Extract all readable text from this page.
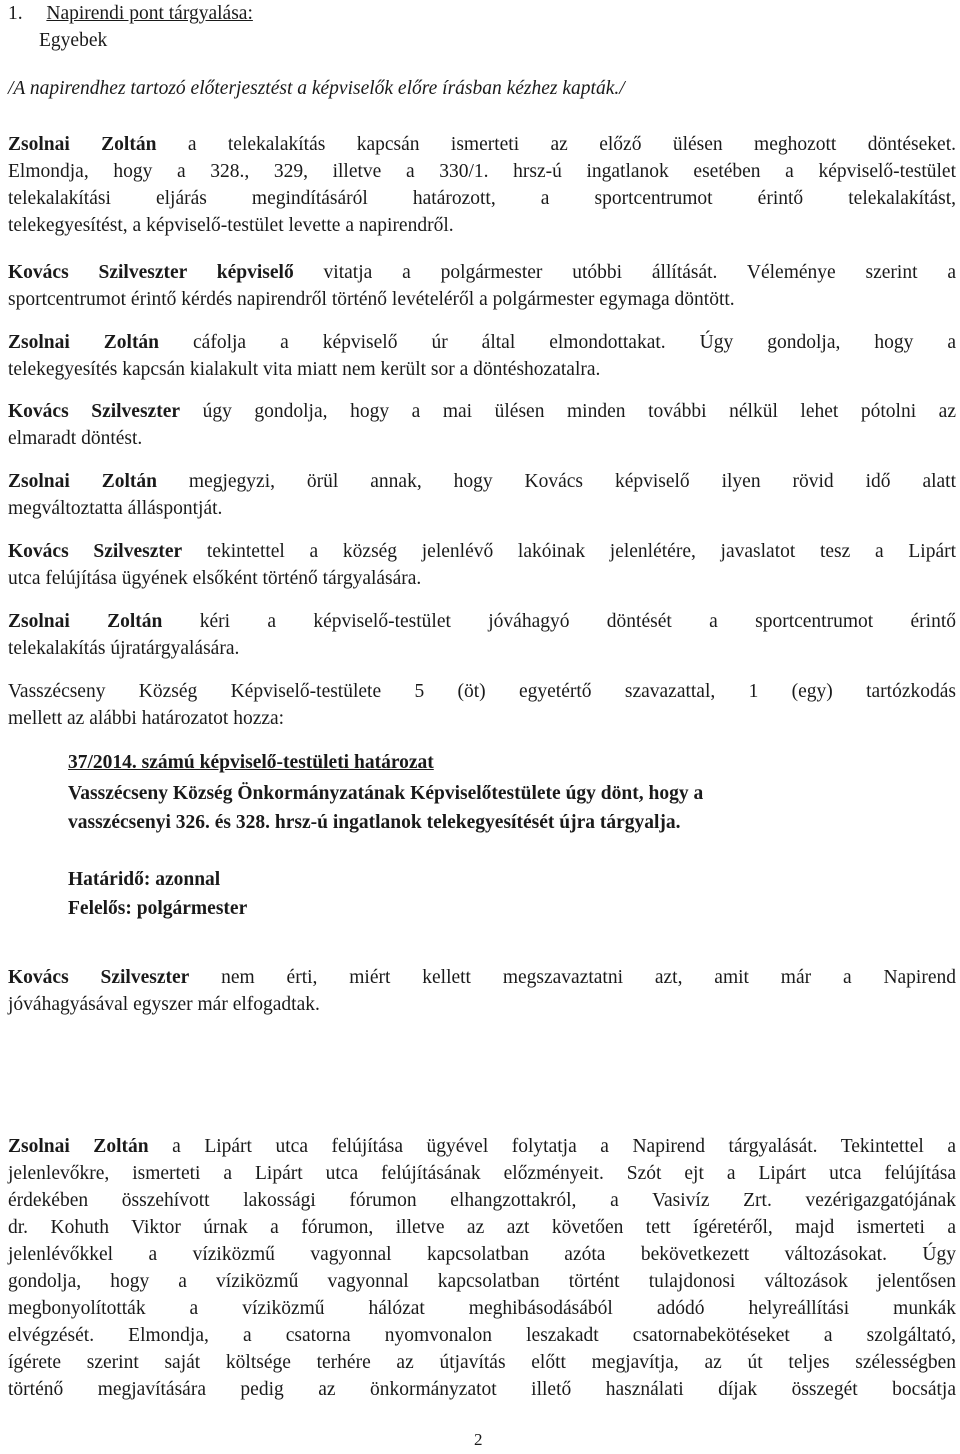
1. Napirendi pont tárgyalása:
Egyebek
/A napirendhez tartozó előterjesztést a képviselők előre írásban kézhez kapták./
Zsolnai Zoltán a telekalakítás kapcsán ismerteti az előző ülésen meghozott döntéseket.
Elmondja, hogy a 328., 329, illetve a 330/1. hrsz-ú ingatlanok esetében a képviselő-testület
telekalakítási eljárás megindításáról határozott, a sportcentrumot érintő telekalakítást,
telekegyesítést, a képviselő-testület levette a napirendről.
Kovács Szilveszter képviselő vitatja a polgármester utóbbi állítását. Véleménye szerint a
sportcentrumot érintő kérdés napirendről történő levételéről a polgármester egymaga döntött.
Zsolnai Zoltán cáfolja a képviselő úr által elmondottakat. Úgy gondolja, hogy a
telekegyesítés kapcsán kialakult vita miatt nem került sor a döntéshozatalra.
Kovács Szilveszter úgy gondolja, hogy a mai ülésen minden további nélkül lehet pótolni az
elmaradt döntést.
Zsolnai Zoltán megjegyzi, örül annak, hogy Kovács képviselő ilyen rövid idő alatt
megváltoztatta álláspontját.
Kovács Szilveszter tekintettel a község jelenlévő lakóinak jelenlétére, javaslatot tesz a Lipárt
utca felújítása ügyének elsőként történő tárgyalására.
Zsolnai Zoltán kéri a képviselő-testület jóváhagyó döntését a sportcentrumot érintő
telekalakítás újratárgyalására.
Vasszécseny Község Képviselő-testülete 5 (öt) egyetértő szavazattal, 1 (egy) tartózkodás
mellett az alábbi határozatot hozza:
37/2014. számú képviselő-testületi határozat
Vasszécseny Község Önkormányzatának Képviselőtestülete úgy dönt, hogy a
vasszécsenyi 326. és 328. hrsz-ú ingatlanok telekegyesítését újra tárgyalja.
Határidő: azonnal
Felelős: polgármester
Kovács Szilveszter nem érti, miért kellett megszavaztatni azt, amit már a Napirend
jóváhagyásával egyszer már elfogadtak.
Zsolnai Zoltán a Lipárt utca felújítása ügyével folytatja a Napirend tárgyalását. Tekintettel a
jelenlevőkre, ismerteti a Lipárt utca felújításának előzményeit. Szót ejt a Lipárt utca felújítása
érdekében összehívott lakossági fórumon elhangzottakról, a Vasivíz Zrt. vezérigazgatójának
dr. Kohuth Viktor úrnak a fórumon, illetve az azt követően tett ígéretéről, majd ismerteti a
jelenlévőkkel a víziközmű vagyonnal kapcsolatban azóta bekövetkezett változásokat. Úgy
gondolja, hogy a víziközmű vagyonnal kapcsolatban történt tulajdonosi változások jelentősen
megbonyolították a víziközmű hálózat meghibásodásából adódó helyreállítási munkák
elvégzését. Elmondja, a csatorna nyomvonalon leszakadt csatornabekötéseket a szolgáltató,
ígérete szerint saját költsége terhére az útjavítás előtt megjavítja, az út teljes szélességben
történő megjavítására pedig az önkormányzatot illető használati díjak összegét bocsátja
2
